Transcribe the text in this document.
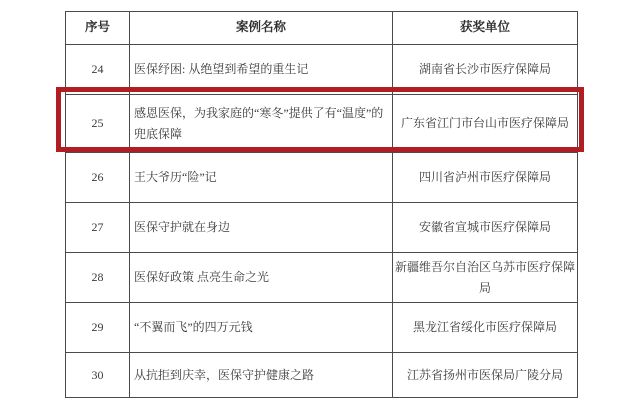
序号	案例名称	获奖单位
24	医保纾困: 从绝望到希望的重生记	湖南省长沙市医疗保障局
25	感恩医保，为我家庭的“寒冬”提供了有“温度”的兜底保障	广东省江门市台山市医疗保障局
26	王大爷历“险”记	四川省泸州市医疗保障局
27	医保守护就在身边	安徽省宣城市医疗保障局
28	医保好政策 点亮生命之光	新疆维吾尔自治区乌苏市医疗保障局
29	“不翼而飞”的四万元钱	黑龙江省绥化市医疗保障局
30	从抗拒到庆幸，医保守护健康之路	江苏省扬州市医保局广陵分局
